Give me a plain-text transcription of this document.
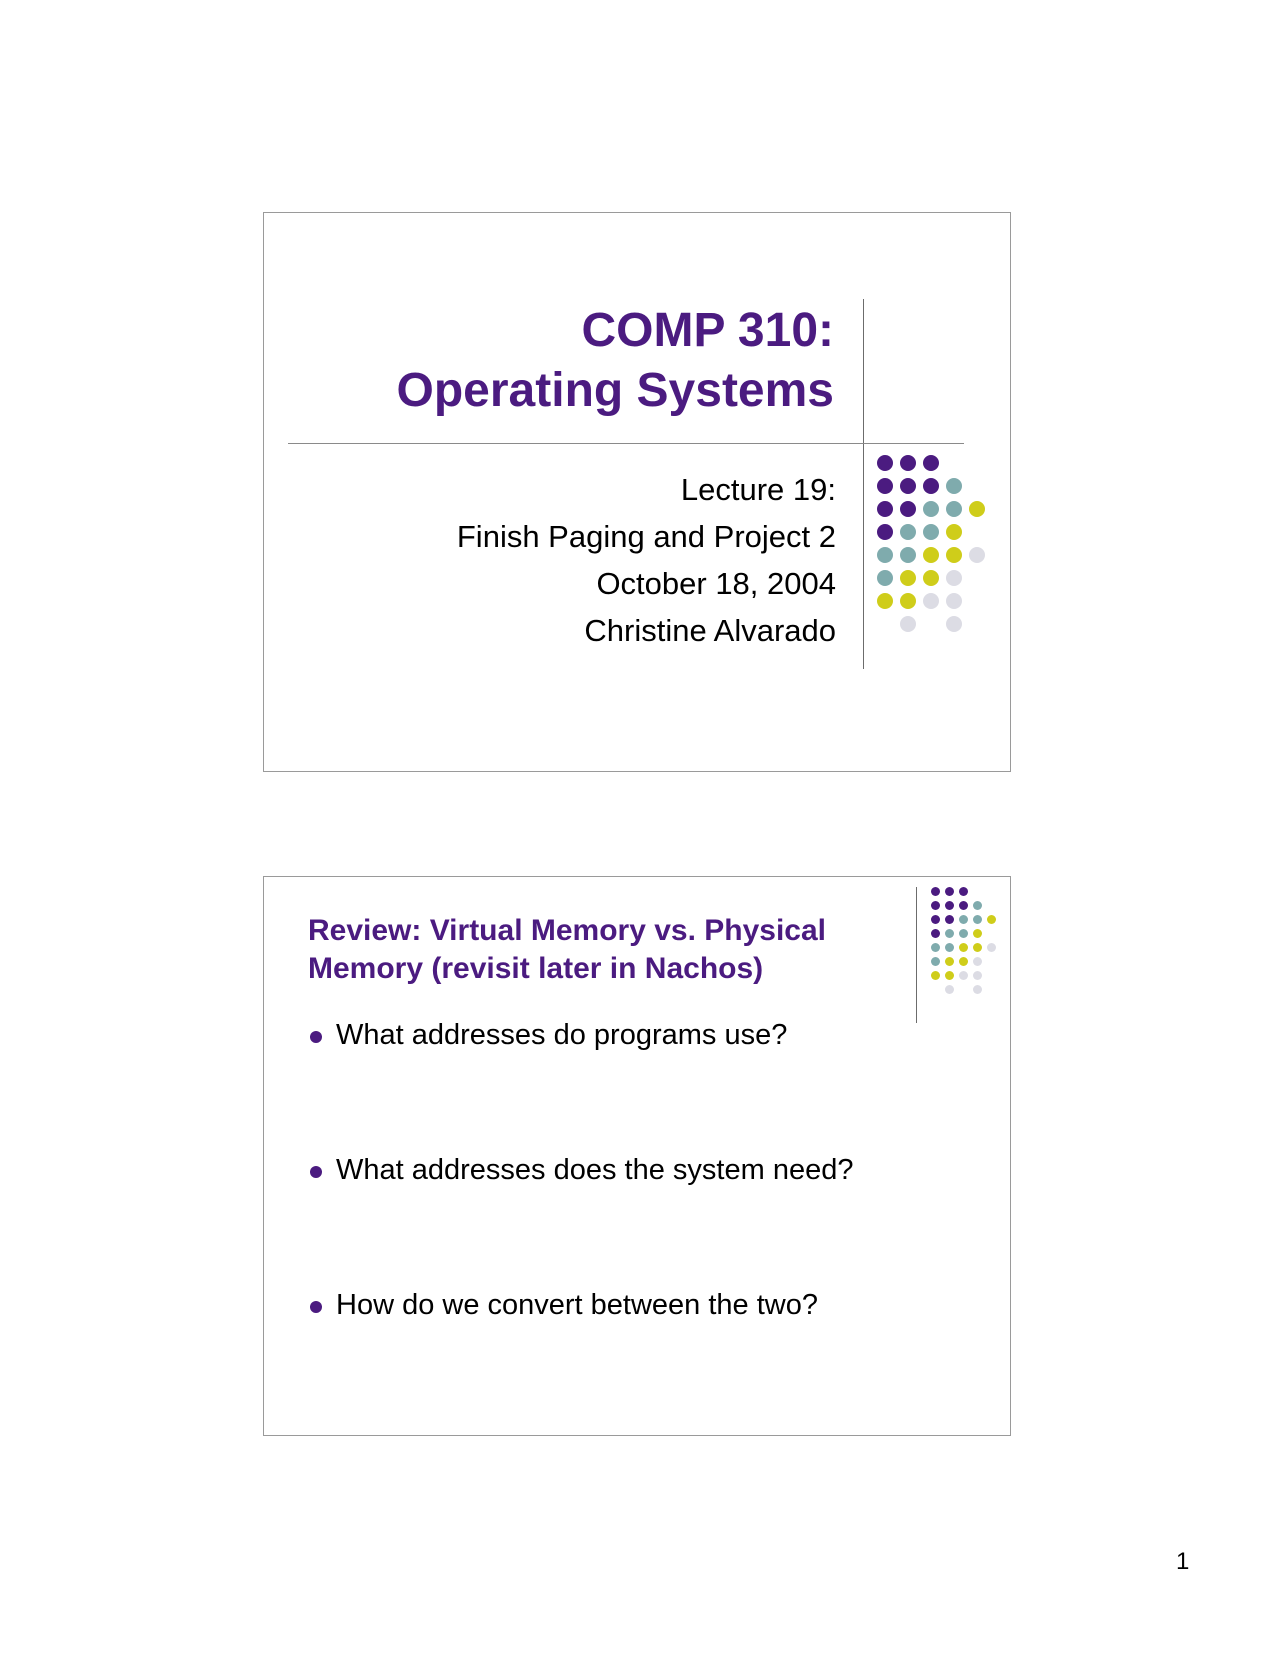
COMP 310:
Operating Systems
Lecture 19:
Finish Paging and Project 2
October 18, 2004
Christine Alvarado
Review: Virtual Memory vs. Physical
Memory (revisit later in Nachos)
What addresses do programs use?
What addresses does the system need?
How do we convert between the two?
1
